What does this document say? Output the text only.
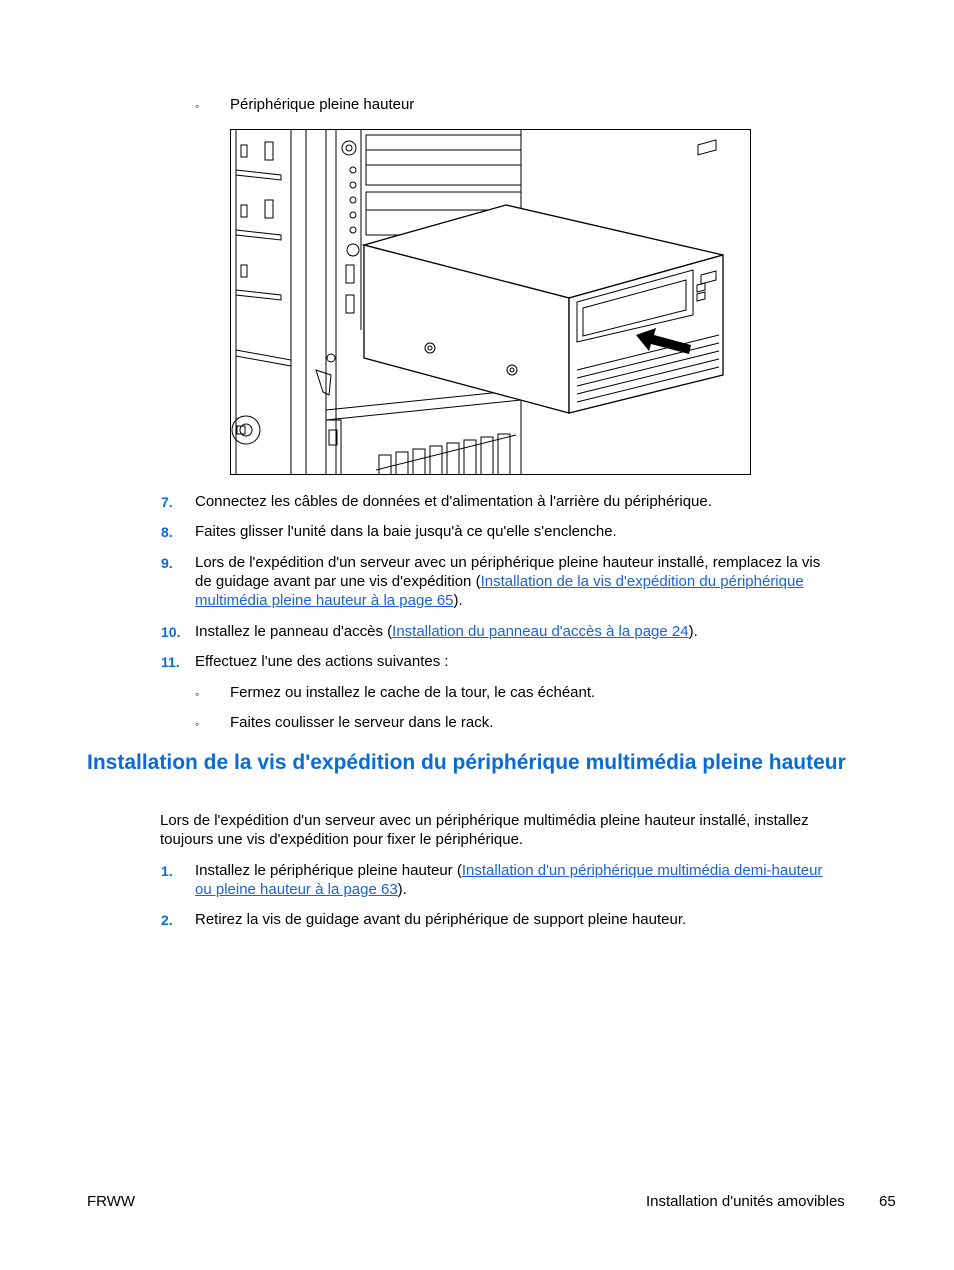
◦ Périphérique pleine hauteur
7. Connectez les câbles de données et d'alimentation à l'arrière du périphérique.
8. Faites glisser l'unité dans la baie jusqu'à ce qu'elle s'enclenche.
9. Lors de l'expédition d'un serveur avec un périphérique pleine hauteur installé, remplacez la vis
de guidage avant par une vis d'expédition (Installation de la vis d'expédition du périphérique
multimédia pleine hauteur à la page 65).
10. Installez le panneau d'accès (Installation du panneau d'accès à la page 24).
11. Effectuez l'une des actions suivantes :
◦ Fermez ou installez le cache de la tour, le cas échéant.
◦ Faites coulisser le serveur dans le rack.
Installation de la vis d'expédition du périphérique multimédia pleine hauteur
Lors de l'expédition d'un serveur avec un périphérique multimédia pleine hauteur installé, installez
toujours une vis d'expédition pour fixer le périphérique.
1. Installez le périphérique pleine hauteur (Installation d'un périphérique multimédia demi-hauteur
ou pleine hauteur à la page 63).
2. Retirez la vis de guidage avant du périphérique de support pleine hauteur.
FRWW	Installation d'unités amovibles 65
